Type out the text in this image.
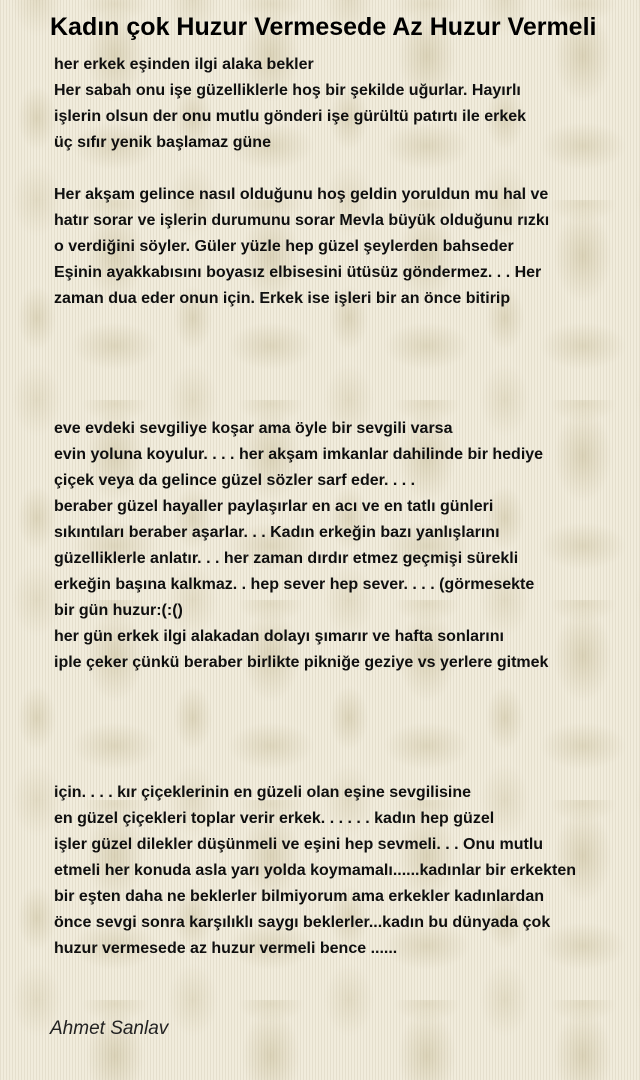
Kadın çok Huzur Vermesede Az Huzur Vermeli
her erkek eşinden ilgi alaka bekler
Her sabah onu işe güzelliklerle hoş bir şekilde uğurlar. Hayırlı
işlerin olsun der onu mutlu gönderi işe gürültü patırtı ile erkek
üç sıfır yenik başlamaz güne

Her akşam gelince nasıl olduğunu hoş geldin yoruldun mu hal ve
hatır sorar ve işlerin durumunu sorar Mevla büyük olduğunu rızkı
o verdiğini söyler. Güler yüzle hep güzel şeylerden bahseder
Eşinin ayakkabısını boyasız elbisesini ütüsüz göndermez. . . Her
zaman dua eder onun için. Erkek ise işleri bir an önce bitirip

eve evdeki sevgiliye koşar ama öyle bir sevgili varsa
evin yoluna koyulur. . . . her akşam imkanlar dahilinde bir hediye
çiçek veya da gelince güzel sözler sarf eder. . . .
beraber güzel hayaller paylaşırlar en acı ve en tatlı günleri
sıkıntıları beraber aşarlar. . . Kadın erkeğin bazı yanlışlarını
güzelliklerle anlatır. . . her zaman dırdır etmez geçmişi sürekli
erkeğin başına kalkmaz. . hep sever hep sever. . . . (görmesekte
bir gün huzur:(:()
her gün erkek ilgi alakadan dolayı şımarır ve hafta sonlarını
iple çeker çünkü beraber birlikte pikniğe geziye vs yerlere gitmek

için. . . . kır çiçeklerinin en güzeli olan eşine sevgilisine
en güzel çiçekleri toplar verir erkek. . . . . . kadın hep güzel
işler güzel dilekler düşünmeli ve eşini hep sevmeli. . . Onu mutlu
etmeli her konuda asla yarı yolda koymamalı......kadınlar bir erkekten
bir eşten daha ne beklerler bilmiyorum ama erkekler kadınlardan
önce sevgi sonra karşılıklı saygı beklerler...kadın bu dünyada çok
huzur vermesede az huzur vermeli bence ......
Ahmet Sanlav
